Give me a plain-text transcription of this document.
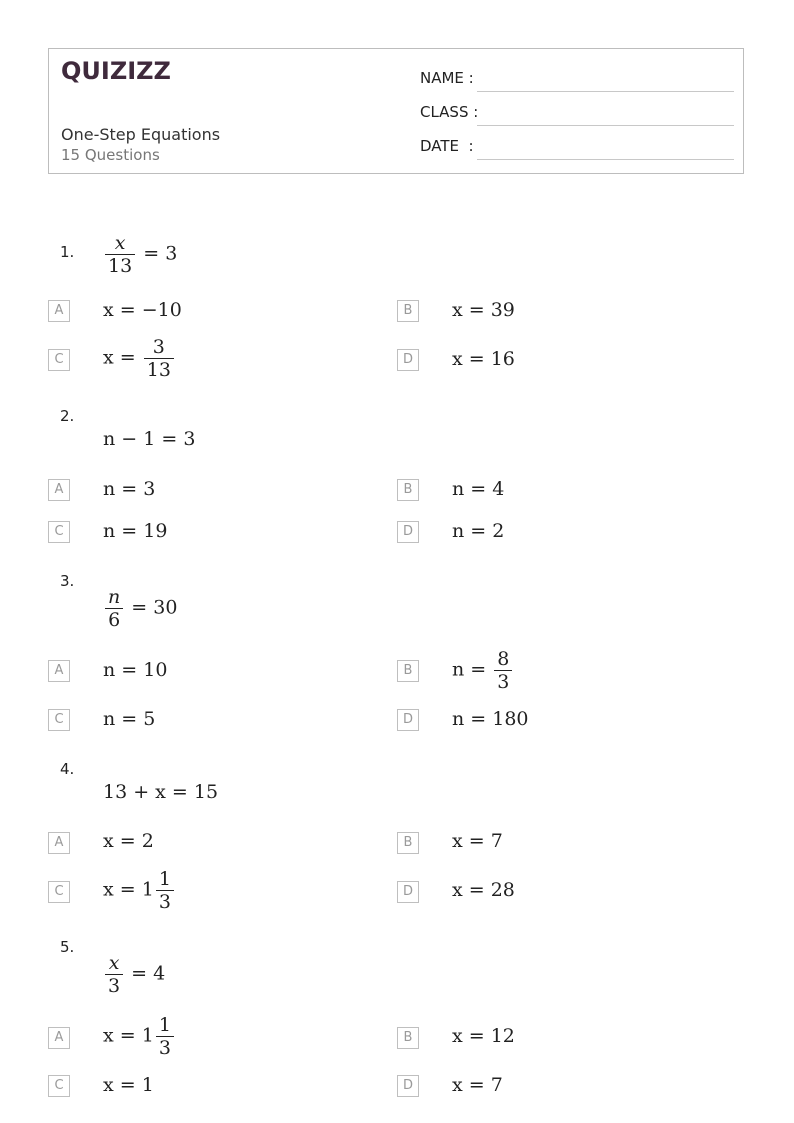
QUIZIZZ
One-Step Equations
15 Questions
NAME :
CLASS :
DATE  :
1. $\frac{x}{13} = 3$
A	x = −10	B	x = 39
C	$x = \frac{3}{13}$	D	x = 16
2.
n − 1 = 3
A	n = 3	B	n = 4
C	n = 19	D	n = 2
3.
$\frac{n}{6} = 30$
A	n = 10	B	$n = \frac{8}{3}$
C	n = 5	D	n = 180
4.
13 + x = 15
A	x = 2	B	x = 7
C	$x = 1 \frac{1}{3}$	D	x = 28
5.
$\frac{x}{3} = 4$
A	$x = 1 \frac{1}{3}$	B	x = 12
C	x = 1	D	x = 7
